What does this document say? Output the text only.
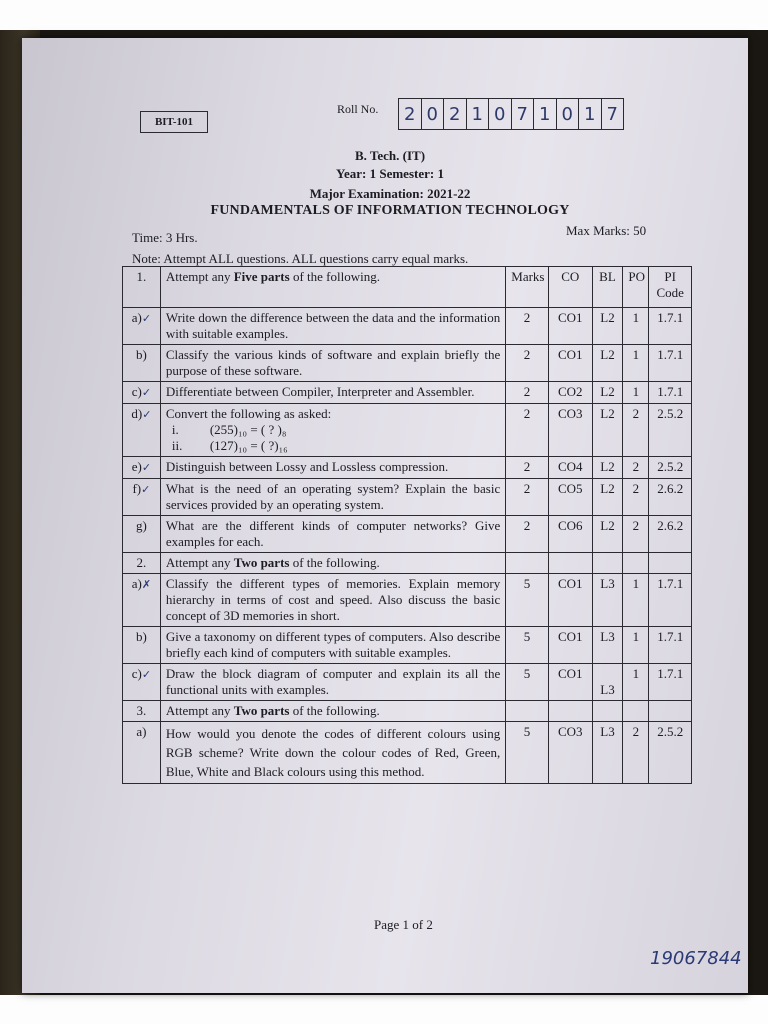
BIT-101
Roll No. 2 0 2 1 0 7 1 0 1 7
B. Tech. (IT)
Year: 1 Semester: 1
Major Examination: 2021-22
FUNDAMENTALS OF INFORMATION TECHNOLOGY
Time: 3 Hrs.	Max Marks: 50
Note: Attempt ALL questions. ALL questions carry equal marks.
1.	Attempt any Five parts of the following.	Marks	CO	BL	PO	PI Code
a)✓	Write down the difference between the data and the information with suitable examples.	2	CO1	L2	1	1.7.1
b)	Classify the various kinds of software and explain briefly the purpose of these software.	2	CO1	L2	1	1.7.1
c)✓	Differentiate between Compiler, Interpreter and Assembler.	2	CO2	L2	1	1.7.1
d)✓	Convert the following as asked:
i. (255)₁₀ = ( ? )₈
ii. (127)₁₀ = ( ?)₁₆	2	CO3	L2	2	2.5.2
e)✓	Distinguish between Lossy and Lossless compression.	2	CO4	L2	2	2.5.2
f)✓	What is the need of an operating system? Explain the basic services provided by an operating system.	2	CO5	L2	2	2.6.2
g)	What are the different kinds of computer networks? Give examples for each.	2	CO6	L2	2	2.6.2
2.	Attempt any Two parts of the following.					
a)✗	Classify the different types of memories. Explain memory hierarchy in terms of cost and speed. Also discuss the basic concept of 3D memories in short.	5	CO1	L3	1	1.7.1
b)	Give a taxonomy on different types of computers. Also describe briefly each kind of computers with suitable examples.	5	CO1	L3	1	1.7.1
c)✓	Draw the block diagram of computer and explain its all the functional units with examples.	5	CO1	L3	1	1.7.1
3.	Attempt any Two parts of the following.					
a)	How would you denote the codes of different colours using RGB scheme? Write down the colour codes of Red, Green, Blue, White and Black colours using this method.	5	CO3	L3	2	2.5.2
Page 1 of 2
19067844
